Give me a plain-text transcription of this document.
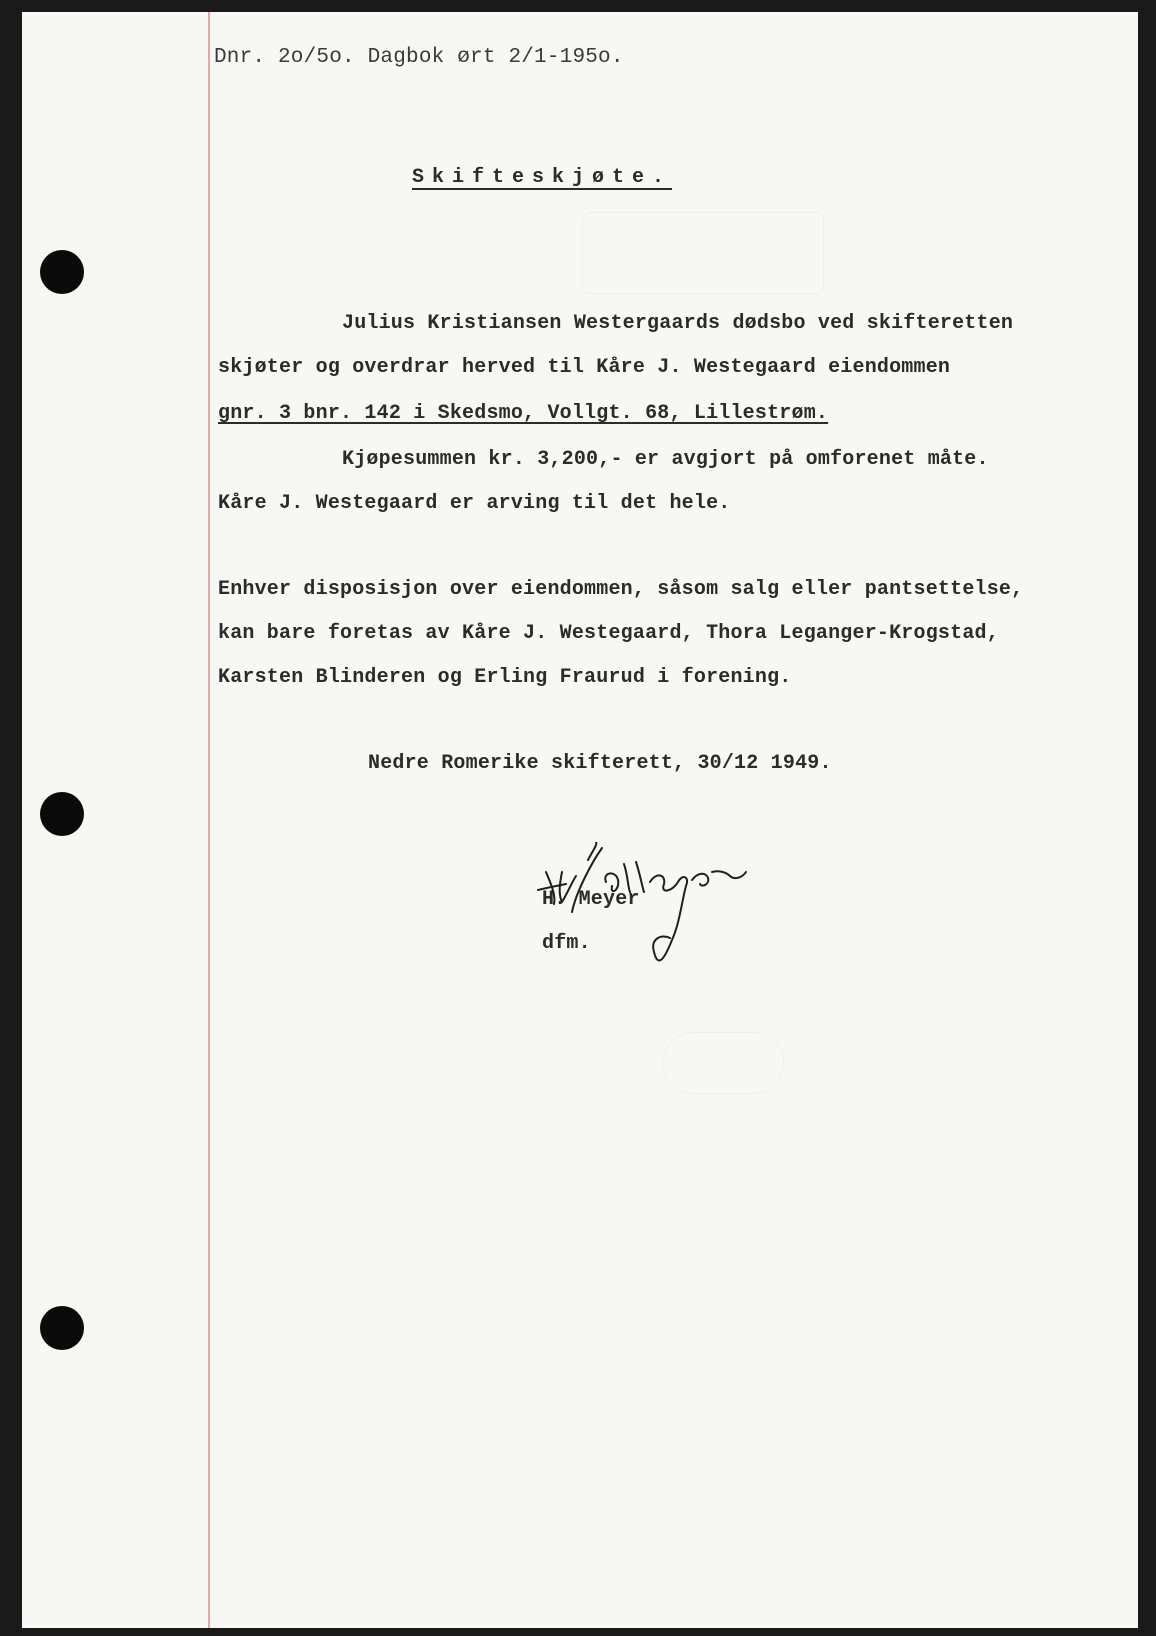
Dnr. 2o/5o. Dagbok ørt 2/1-195o.
Skifteskjøte.
Julius Kristiansen Westergaards dødsbo ved skifteretten
skjøter og overdrar herved til Kåre J. Westegaard eiendommen
gnr. 3 bnr. 142 i Skedsmo, Vollgt. 68, Lillestrøm.
Kjøpesummen kr. 3,200,- er avgjort på omforenet måte.
Kåre J. Westegaard er arving til det hele.
Enhver disposisjon over eiendommen, såsom salg eller pantsettelse,
kan bare foretas av Kåre J. Westegaard, Thora Leganger-Krogstad,
Karsten Blinderen og Erling Fraurud i forening.
Nedre Romerike skifterett, 30/12 1949.
H. Meyer
dfm.
